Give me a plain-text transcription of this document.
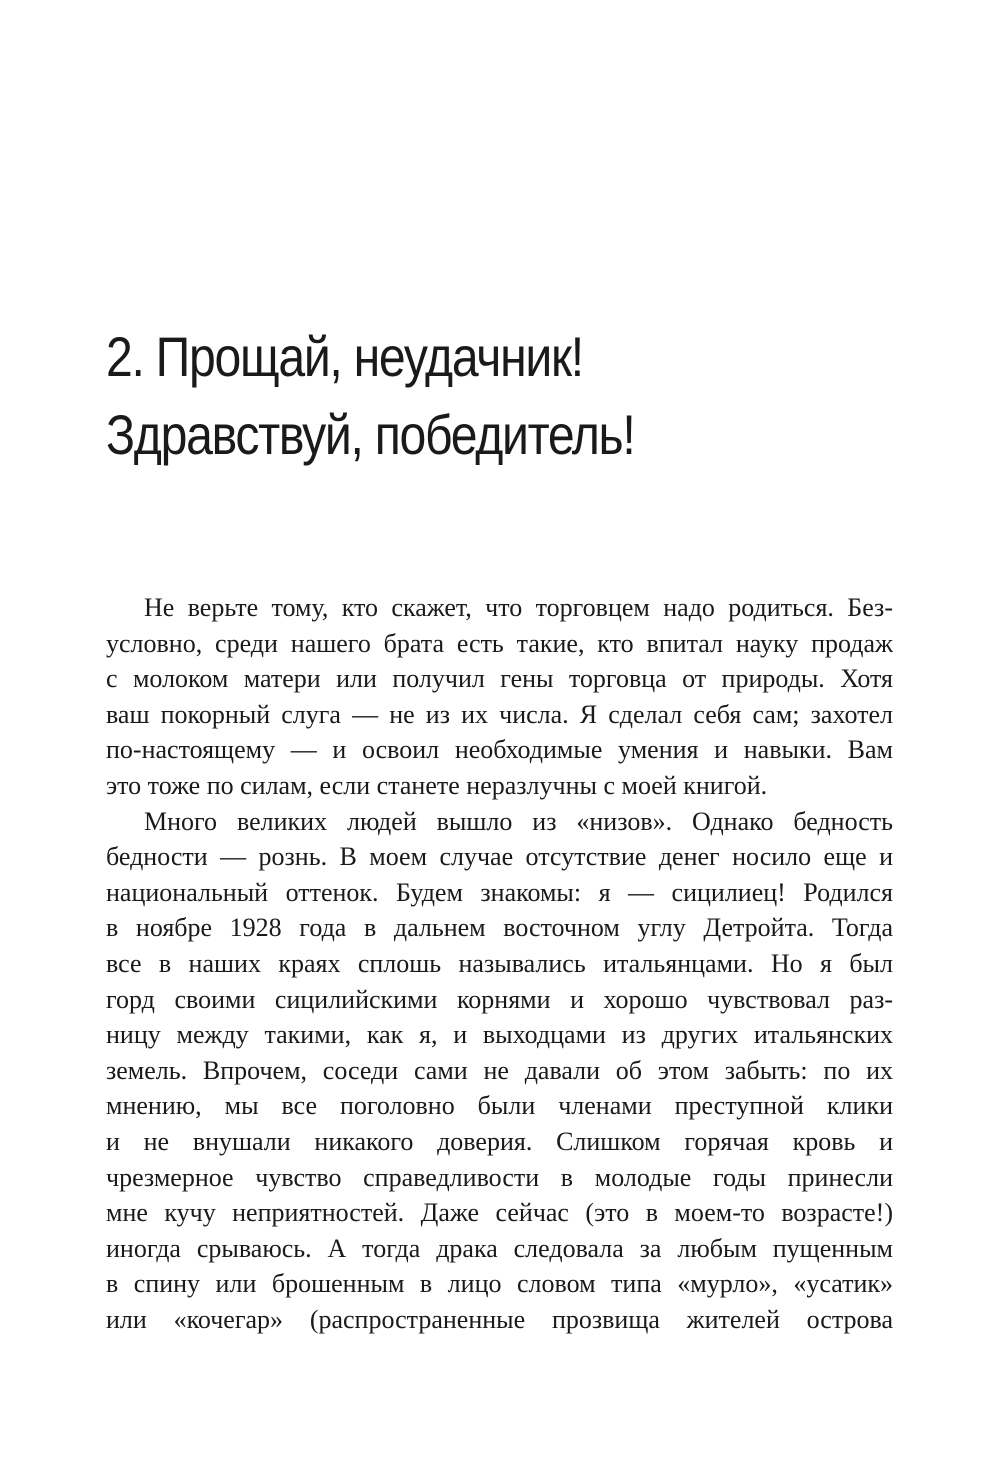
2. Прощай, неудачник!
Здравствуй, победитель!
Не верьте тому, кто скажет, что торговцем надо родиться. Без-
условно, среди нашего брата есть такие, кто впитал науку продаж
с молоком матери или получил гены торговца от природы. Хотя
ваш покорный слуга — не из их числа. Я сделал себя сам; захотел
по-настоящему — и освоил необходимые умения и навыки. Вам
это тоже по силам, если станете неразлучны с моей книгой.
Много великих людей вышло из «низов». Однако бедность
бедности — рознь. В моем случае отсутствие денег носило еще и
национальный оттенок. Будем знакомы: я — сицилиец! Родился
в ноябре 1928 года в дальнем восточном углу Детройта. Тогда
все в наших краях сплошь назывались итальянцами. Но я был
горд своими сицилийскими корнями и хорошо чувствовал раз-
ницу между такими, как я, и выходцами из других итальянских
земель. Впрочем, соседи сами не давали об этом забыть: по их
мнению, мы все поголовно были членами преступной клики
и не внушали никакого доверия. Слишком горячая кровь и
чрезмерное чувство справедливости в молодые годы принесли
мне кучу неприятностей. Даже сейчас (это в моем-то возрасте!)
иногда срываюсь. А тогда драка следовала за любым пущенным
в спину или брошенным в лицо словом типа «мурло», «усатик»
или «кочегар» (распространенные прозвища жителей острова
